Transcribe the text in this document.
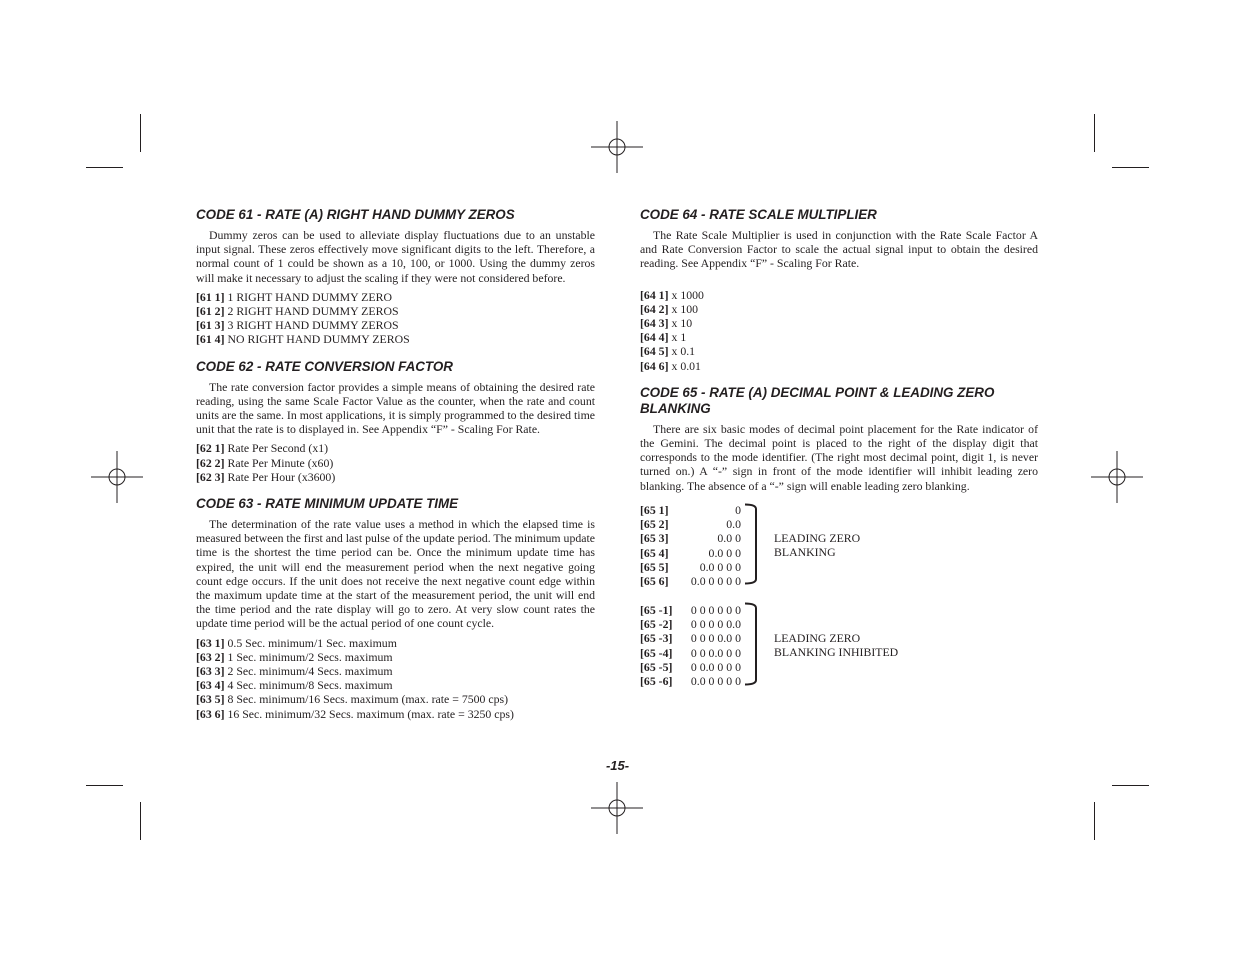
CODE 61 - RATE (A) RIGHT HAND DUMMY ZEROS

Dummy zeros can be used to alleviate display fluctuations due to an unstable input signal. These zeros effectively move significant digits to the left. Therefore, a normal count of 1 could be shown as a 10, 100, or 1000. Using the dummy zeros will make it necessary to adjust the scaling if they were not considered before.

[61 1] 1 RIGHT HAND DUMMY ZERO
[61 2] 2 RIGHT HAND DUMMY ZEROS
[61 3] 3 RIGHT HAND DUMMY ZEROS
[61 4] NO RIGHT HAND DUMMY ZEROS
CODE 62 - RATE CONVERSION FACTOR

The rate conversion factor provides a simple means of obtaining the desired rate reading, using the same Scale Factor Value as the counter, when the rate and count units are the same. In most applications, it is simply programmed to the desired time unit that the rate is to displayed in. See Appendix “F” - Scaling For Rate.

[62 1] Rate Per Second (x1)
[62 2] Rate Per Minute (x60)
[62 3] Rate Per Hour (x3600)
CODE 63 - RATE MINIMUM UPDATE TIME

The determination of the rate value uses a method in which the elapsed time is measured between the first and last pulse of the update period. The minimum update time is the shortest the time period can be. Once the minimum update time has expired, the unit will end the measurement period when the next negative going count edge occurs. If the unit does not receive the next negative count edge within the maximum update time at the start of the measurement period, the unit will end the time period and the rate display will go to zero. At very slow count rates the update time period will be the actual period of one count cycle.

[63 1] 0.5 Sec. minimum/1 Sec. maximum
[63 2] 1 Sec. minimum/2 Secs. maximum
[63 3] 2 Sec. minimum/4 Secs. maximum
[63 4] 4 Sec. minimum/8 Secs. maximum
[63 5] 8 Sec. minimum/16 Secs. maximum (max. rate = 7500 cps)
[63 6] 16 Sec. minimum/32 Secs. maximum (max. rate = 3250 cps)
CODE 64 - RATE SCALE MULTIPLIER

The Rate Scale Multiplier is used in conjunction with the Rate Scale Factor A and Rate Conversion Factor to scale the actual signal input to obtain the desired reading. See Appendix “F” - Scaling For Rate.

[64 1] x 1000
[64 2] x 100
[64 3] x 10
[64 4] x 1
[64 5] x 0.1
[64 6] x 0.01
CODE 65 - RATE (A) DECIMAL POINT & LEADING ZERO
BLANKING

There are six basic modes of decimal point placement for the Rate indicator of the Gemini. The decimal point is placed to the right of the display digit that corresponds to the mode identifier. (The right most decimal point, digit 1, is never turned on.) A “-” sign in front of the mode identifier will inhibit leading zero blanking. The absence of a “-” sign will enable leading zero blanking.

[65 1]	0
[65 2]	0.0
[65 3]	0.0 0
[65 4]	0.0 0 0
[65 5]	0.0 0 0 0
[65 6] 0.0 0 0 0 0
LEADING ZERO
BLANKING
[65 -1] 0 0 0 0 0 0
[65 -2] 0 0 0 0 0.0
[65 -3] 0 0 0 0.0 0
[65 -4] 0 0 0.0 0 0
[65 -5] 0 0.0 0 0 0
[65 -6] 0.0 0 0 0 0
LEADING ZERO
BLANKING INHIBITED
-15-
